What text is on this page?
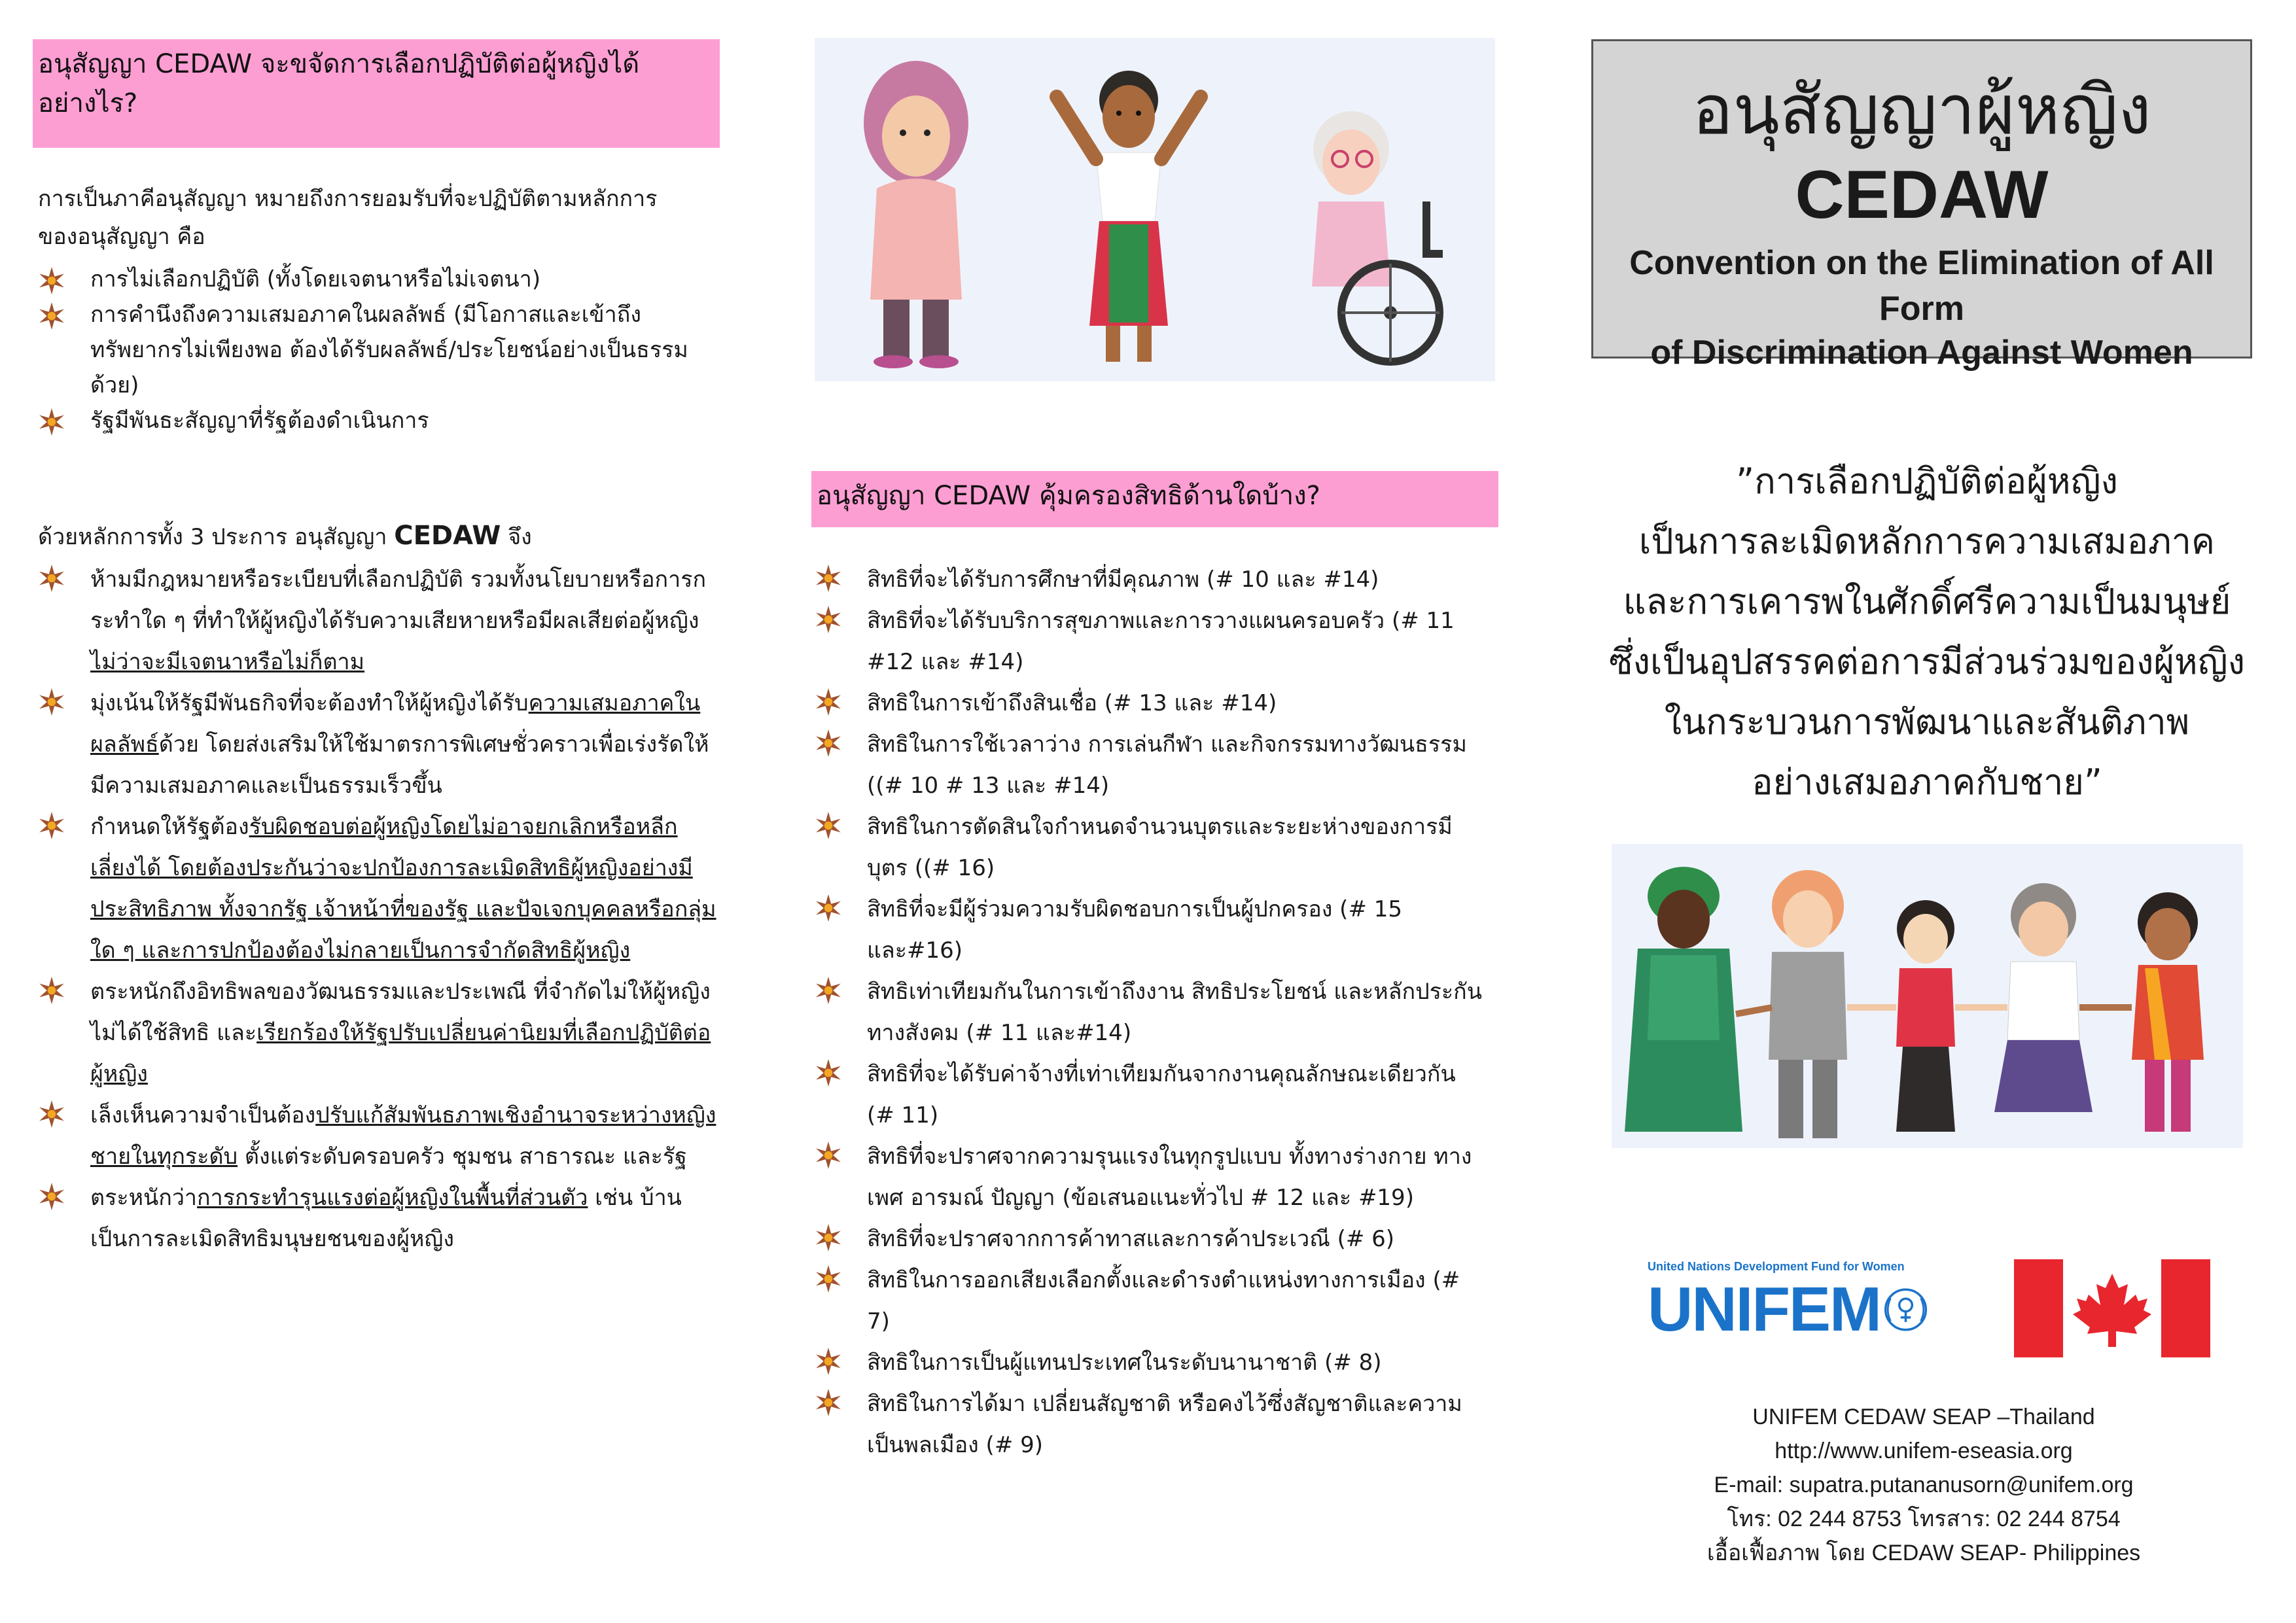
อนุสัญญา CEDAW จะขจัดการเลือกปฏิบัติต่อผู้หญิงได้อย่างไร?

การเป็นภาคีอนุสัญญา หมายถึงการยอมรับที่จะปฏิบัติตามหลักการ

ของอนุสัญญา คือ

การไม่เลือกปฏิบัติ (ทั้งโดยเจตนาหรือไม่เจตนา)
การคำนึงถึงความเสมอภาคในผลลัพธ์ (มีโอกาสและเข้าถึงทรัพยากรไม่เพียงพอ ต้องได้รับผลลัพธ์/ประโยชน์อย่างเป็นธรรมด้วย)
รัฐมีพันธะสัญญาที่รัฐต้องดำเนินการ

ด้วยหลักการทั้ง 3 ประการ อนุสัญญา CEDAW จึง

ห้ามมีกฎหมายหรือระเบียบที่เลือกปฏิบัติ รวมทั้งนโยบายหรือการกระทำใด ๆ ที่ทำให้ผู้หญิงได้รับความเสียหายหรือมีผลเสียต่อผู้หญิง ไม่ว่าจะมีเจตนาหรือไม่ก็ตาม
มุ่งเน้นให้รัฐมีพันธกิจที่จะต้องทำให้ผู้หญิงได้รับความเสมอภาคในผลลัพธ์ด้วย โดยส่งเสริมให้ใช้มาตรการพิเศษชั่วคราวเพื่อเร่งรัดให้มีความเสมอภาคและเป็นธรรมเร็วขึ้น
กำหนดให้รัฐต้องรับผิดชอบต่อผู้หญิงโดยไม่อาจยกเลิกหรือหลีกเลี่ยงได้ โดยต้องประกันว่าจะปกป้องการละเมิดสิทธิผู้หญิงอย่างมีประสิทธิภาพ ทั้งจากรัฐ เจ้าหน้าที่ของรัฐ และปัจเจกบุคคลหรือกลุ่มใด ๆ และการปกป้องต้องไม่กลายเป็นการจำกัดสิทธิผู้หญิง
ตระหนักถึงอิทธิพลของวัฒนธรรมและประเพณี ที่จำกัดไม่ให้ผู้หญิงไม่ได้ใช้สิทธิ และเรียกร้องให้รัฐปรับเปลี่ยนค่านิยมที่เลือกปฏิบัติต่อผู้หญิง
เล็งเห็นความจำเป็นต้องปรับแก้สัมพันธภาพเชิงอำนาจระหว่างหญิงชายในทุกระดับ ตั้งแต่ระดับครอบครัว ชุมชน สาธารณะ และรัฐ
ตระหนักว่าการกระทำรุนแรงต่อผู้หญิงในพื้นที่ส่วนตัว เช่น บ้าน เป็นการละเมิดสิทธิมนุษยชนของผู้หญิง
อนุสัญญา CEDAW คุ้มครองสิทธิด้านใดบ้าง?
สิทธิที่จะได้รับการศึกษาที่มีคุณภาพ (# 10 และ #14)
สิทธิที่จะได้รับบริการสุขภาพและการวางแผนครอบครัว (# 11 #12 และ #14)
สิทธิในการเข้าถึงสินเชื่อ (# 13 และ #14)
สิทธิในการใช้เวลาว่าง การเล่นกีฬา และกิจกรรมทางวัฒนธรรม ((# 10 # 13 และ #14)
สิทธิในการตัดสินใจกำหนดจำนวนบุตรและระยะห่างของการมีบุตร ((# 16)
สิทธิที่จะมีผู้ร่วมความรับผิดชอบการเป็นผู้ปกครอง (# 15 และ#16)
สิทธิเท่าเทียมกันในการเข้าถึงงาน สิทธิประโยชน์ และหลักประกันทางสังคม (# 11 และ#14)
สิทธิที่จะได้รับค่าจ้างที่เท่าเทียมกันจากงานคุณลักษณะเดียวกัน (# 11)
สิทธิที่จะปราศจากความรุนแรงในทุกรูปแบบ ทั้งทางร่างกาย ทางเพศ อารมณ์ ปัญญา (ข้อเสนอแนะทั่วไป # 12 และ #19)
สิทธิที่จะปราศจากการค้าทาสและการค้าประเวณี (# 6)
สิทธิในการออกเสียงเลือกตั้งและดำรงตำแหน่งทางการเมือง (# 7)
สิทธิในการเป็นผู้แทนประเทศในระดับนานาชาติ (# 8)
สิทธิในการได้มา เปลี่ยนสัญชาติ หรือคงไว้ซึ่งสัญชาติและความเป็นพลเมือง (# 9)
อนุสัญญาผู้หญิง
CEDAW
Convention on the Elimination of All Form
of Discrimination Against Women
”การเลือกปฏิบัติต่อผู้หญิง
เป็นการละเมิดหลักการความเสมอภาค
และการเคารพในศักดิ์ศรีความเป็นมนุษย์
ซึ่งเป็นอุปสรรคต่อการมีส่วนร่วมของผู้หญิง
ในกระบวนการพัฒนาและสันติภาพ
อย่างเสมอภาคกับชาย”
United Nations Development Fund for Women
UNIFEM
UNIFEM CEDAW SEAP –Thailand
http://www.unifem-eseasia.org
E-mail: supatra.putananusorn@unifem.org
โทร: 02 244 8753 โทรสาร: 02 244 8754
เอื้อเฟื้อภาพ โดย CEDAW SEAP- Philippines
